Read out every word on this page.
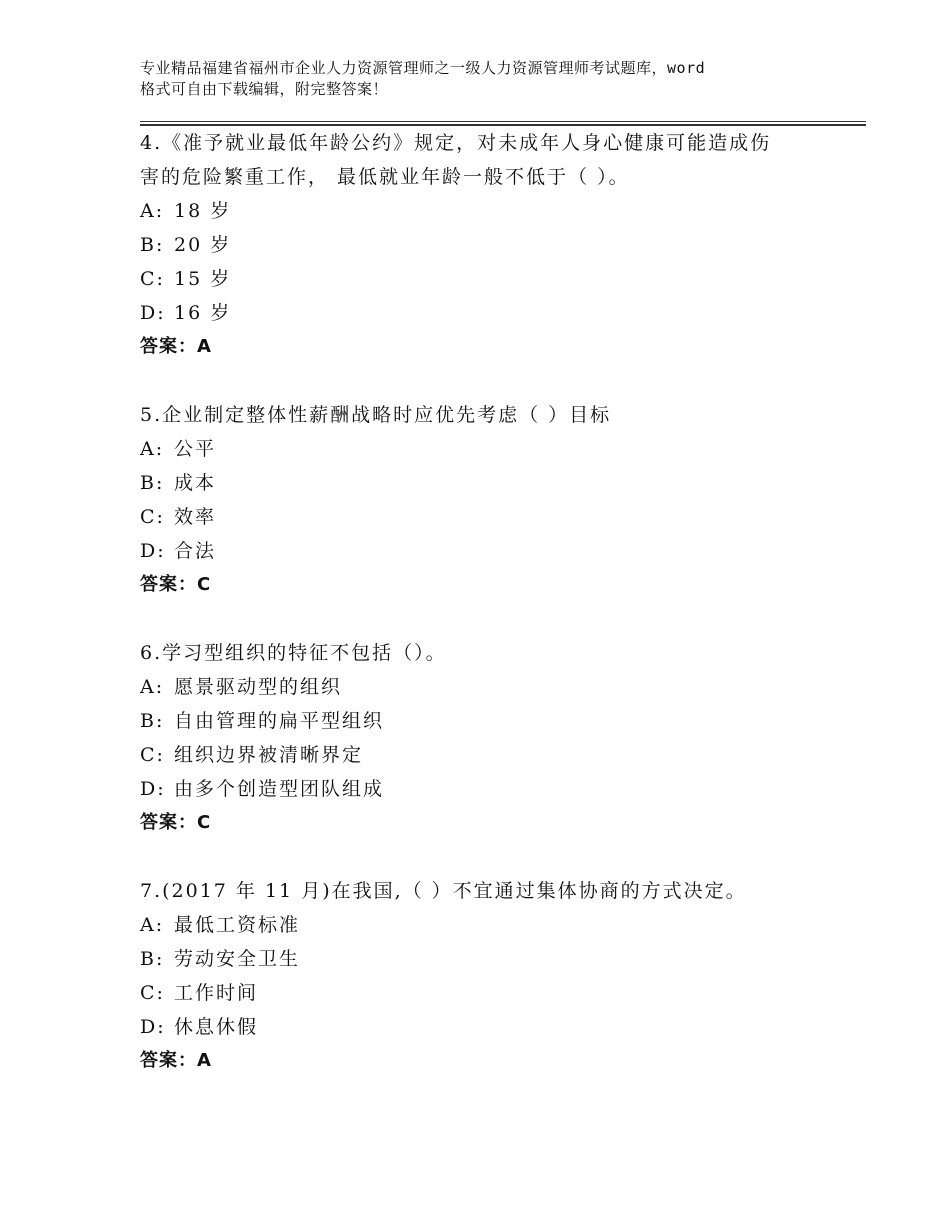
专业精品福建省福州市企业人力资源管理师之一级人力资源管理师考试题库，word
格式可自由下载编辑，附完整答案！
4.《准予就业最低年龄公约》规定，对未成年人身心健康可能造成伤
害的危险繁重工作， 最低就业年龄一般不低于（ ）。
A: 18 岁
B: 20 岁
C: 15 岁
D: 16 岁
答案：A
5.企业制定整体性薪酬战略时应优先考虑（ ）目标
A: 公平
B: 成本
C: 效率
D: 合法
答案：C
6.学习型组织的特征不包括（）。
A: 愿景驱动型的组织
B: 自由管理的扁平型组织
C: 组织边界被清晰界定
D: 由多个创造型团队组成
答案：C
7.(2017 年 11 月)在我国,（ ）不宜通过集体协商的方式决定。
A: 最低工资标准
B: 劳动安全卫生
C: 工作时间
D: 休息休假
答案：A
